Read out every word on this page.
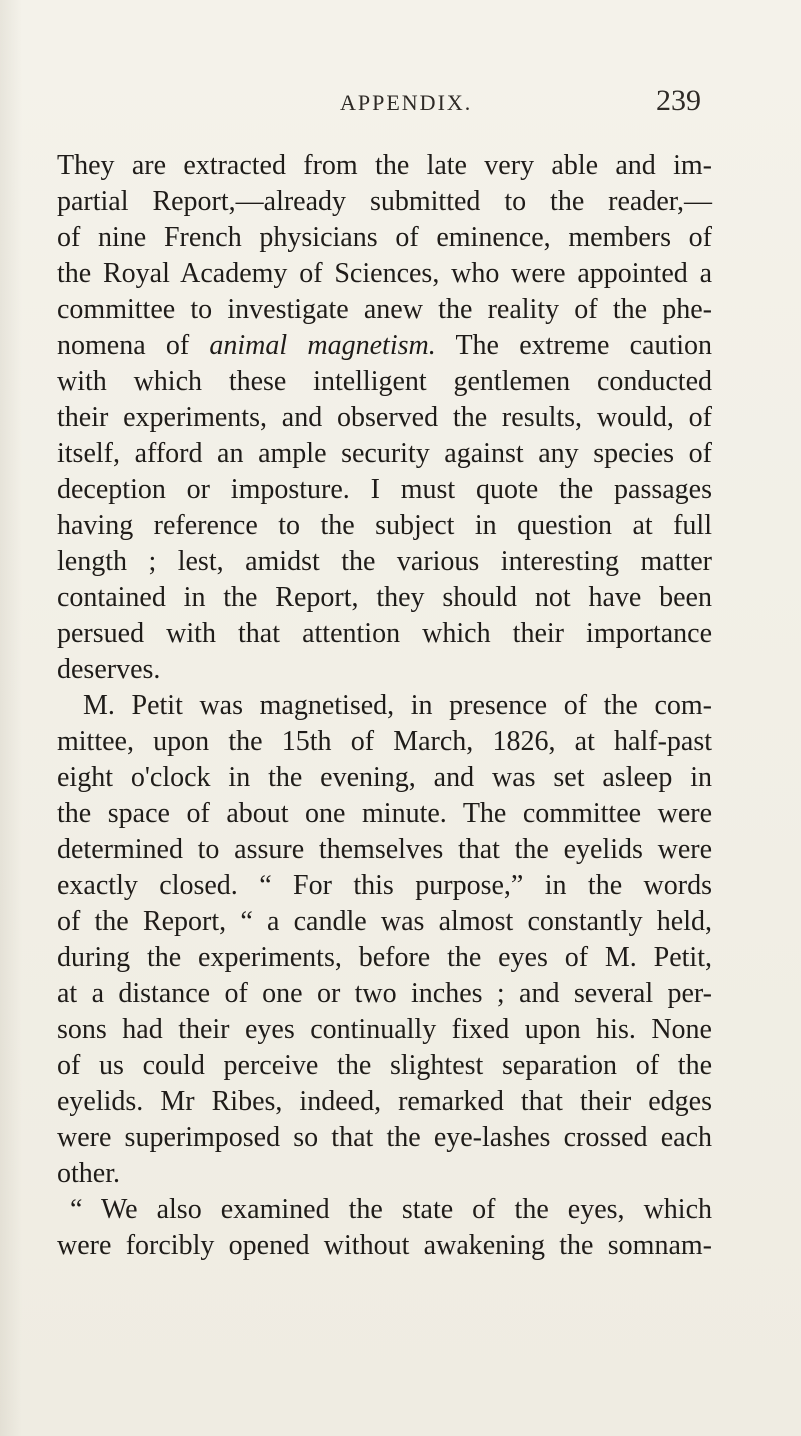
APPENDIX.	239
They are extracted from the late very able and im-
partial Report,—already submitted to the reader,—
of nine French physicians of eminence, members of
the Royal Academy of Sciences, who were appointed a
committee to investigate anew the reality of the phe-
nomena of animal magnetism. The extreme caution
with which these intelligent gentlemen conducted
their experiments, and observed the results, would, of
itself, afford an ample security against any species of
deception or imposture. I must quote the passages
having reference to the subject in question at full
length ; lest, amidst the various interesting matter
contained in the Report, they should not have been
persued with that attention which their importance
deserves.
M. Petit was magnetised, in presence of the com-
mittee, upon the 15th of March, 1826, at half-past
eight o'clock in the evening, and was set asleep in
the space of about one minute. The committee were
determined to assure themselves that the eyelids were
exactly closed. “ For this purpose,” in the words
of the Report, “ a candle was almost constantly held,
during the experiments, before the eyes of M. Petit,
at a distance of one or two inches ; and several per-
sons had their eyes continually fixed upon his. None
of us could perceive the slightest separation of the
eyelids. Mr Ribes, indeed, remarked that their edges
were superimposed so that the eye-lashes crossed each
other.
“ We also examined the state of the eyes, which
were forcibly opened without awakening the somnam-
